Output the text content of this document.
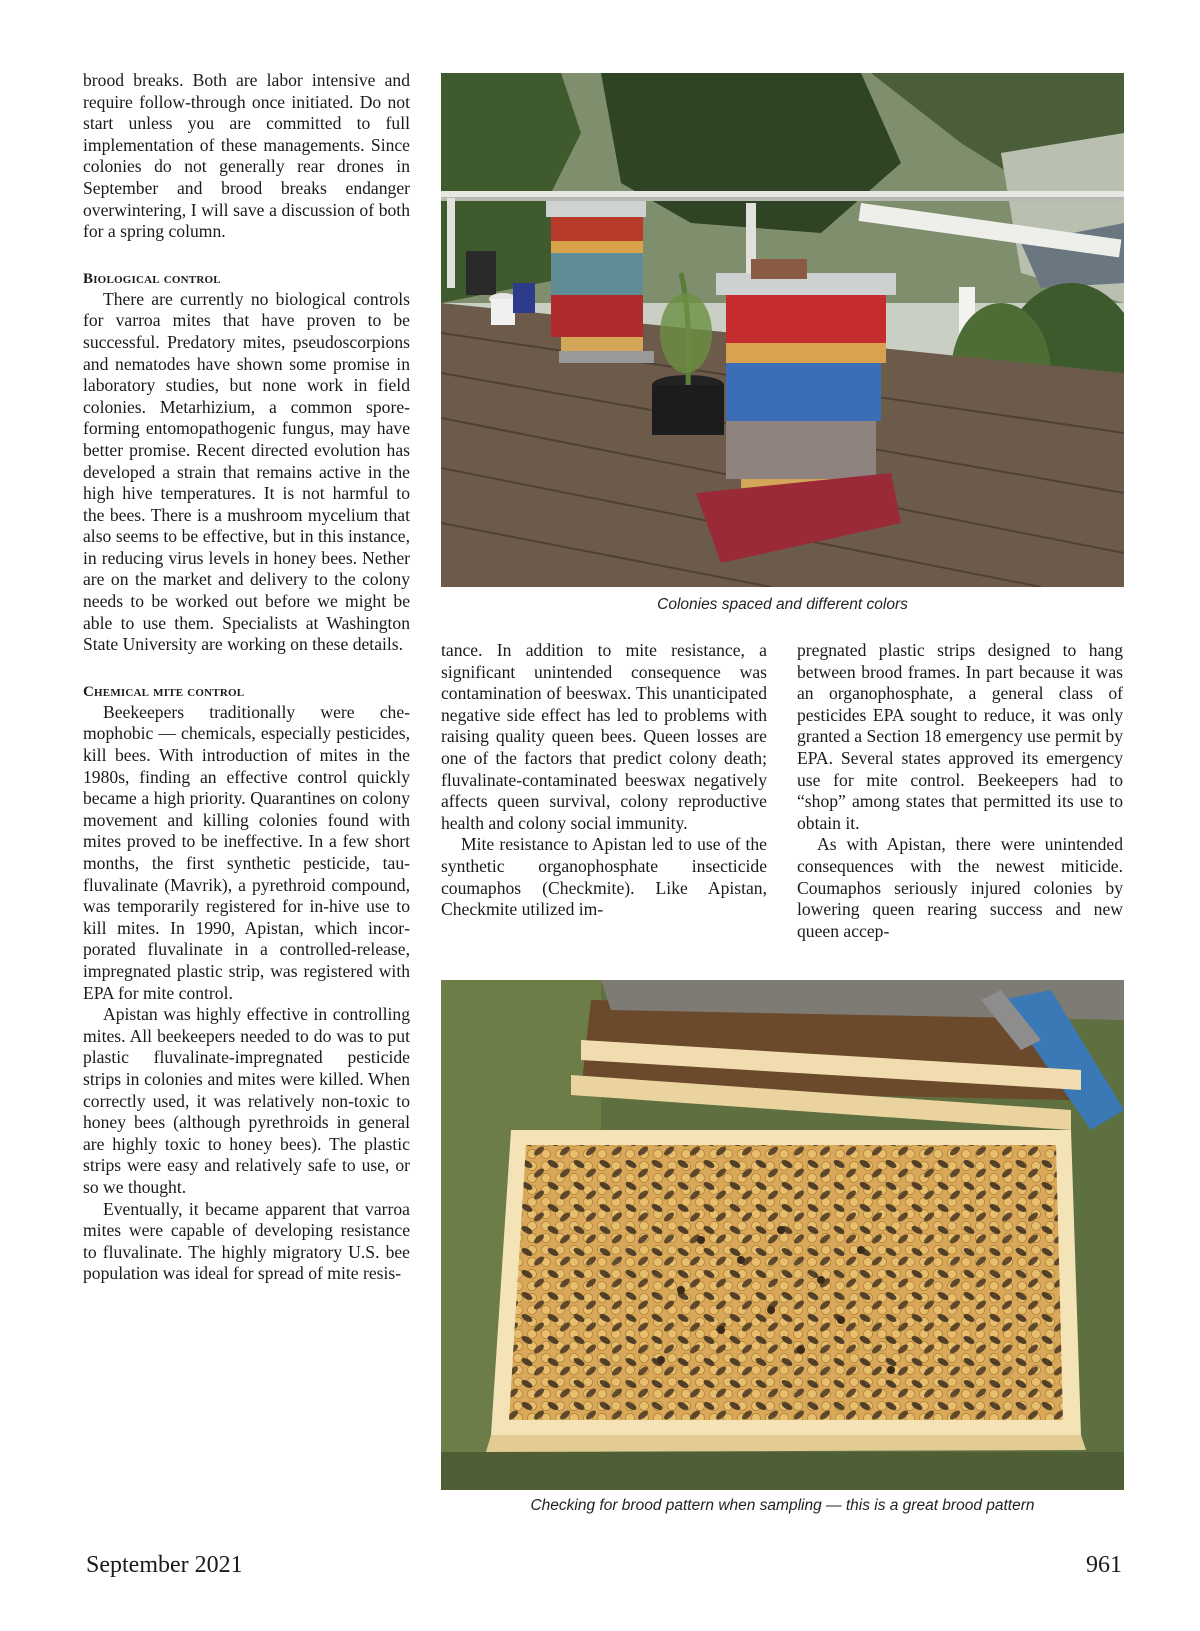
brood breaks. Both are labor intensive and require follow-through once initiated. Do not start unless you are committed to full implementation of these managements. Since colonies do not generally rear drones in September and brood breaks endanger overwintering, I will save a discussion of both for a spring column.

Biological control

There are currently no biological controls for varroa mites that have proven to be successful. Predatory mites, pseudoscorpions and nematodes have shown some promise in laboratory studies, but none work in field colonies. Metarhizium, a common spore-forming entomopathogenic fungus, may have better promise. Recent directed evolution has developed a strain that remains active in the high hive temperatures. It is not harmful to the bees. There is a mushroom mycelium that also seems to be effective, but in this instance, in reducing virus levels in honey bees. Nether are on the market and delivery to the colony needs to be worked out before we might be able to use them. Specialists at Washington State University are working on these details.

Chemical mite control

Beekeepers traditionally were chemophobic — chemicals, especially pesticides, kill bees. With introduction of mites in the 1980s, finding an effective control quickly became a high priority. Quarantines on colony movement and killing colonies found with mites proved to be ineffective. In a few short months, the first synthetic pesticide, tau-fluvalinate (Mavrik), a pyrethroid compound, was temporarily registered for in-hive use to kill mites. In 1990, Apistan, which incorporated fluvalinate in a controlled-release, impregnated plastic strip, was registered with EPA for mite control.

Apistan was highly effective in controlling mites. All beekeepers needed to do was to put plastic fluvalinate-impregnated pesticide strips in colonies and mites were killed. When correctly used, it was relatively non-toxic to honey bees (although pyrethroids in general are highly toxic to honey bees). The plastic strips were easy and relatively safe to use, or so we thought.

Eventually, it became apparent that varroa mites were capable of developing resistance to fluvalinate. The highly migratory U.S. bee population was ideal for spread of mite resis-

Colonies spaced and different colors

tance. In addition to mite resistance, a significant unintended consequence was contamination of beeswax. This unanticipated negative side effect has led to problems with raising quality queen bees. Queen losses are one of the factors that predict colony death; fluvalinate-contaminated beeswax negatively affects queen survival, colony reproductive health and colony social immunity.

Mite resistance to Apistan led to use of the synthetic organophosphate insecticide coumaphos (Checkmite). Like Apistan, Checkmite utilized im-

pregnated plastic strips designed to hang between brood frames. In part because it was an organophosphate, a general class of pesticides EPA sought to reduce, it was only granted a Section 18 emergency use permit by EPA. Several states approved its emergency use for mite control. Beekeepers had to “shop” among states that permitted its use to obtain it.

As with Apistan, there were unintended consequences with the newest miticide. Coumaphos seriously injured colonies by lowering queen rearing success and new queen accep-

Checking for brood pattern when sampling — this is a great brood pattern
September 2021	961
